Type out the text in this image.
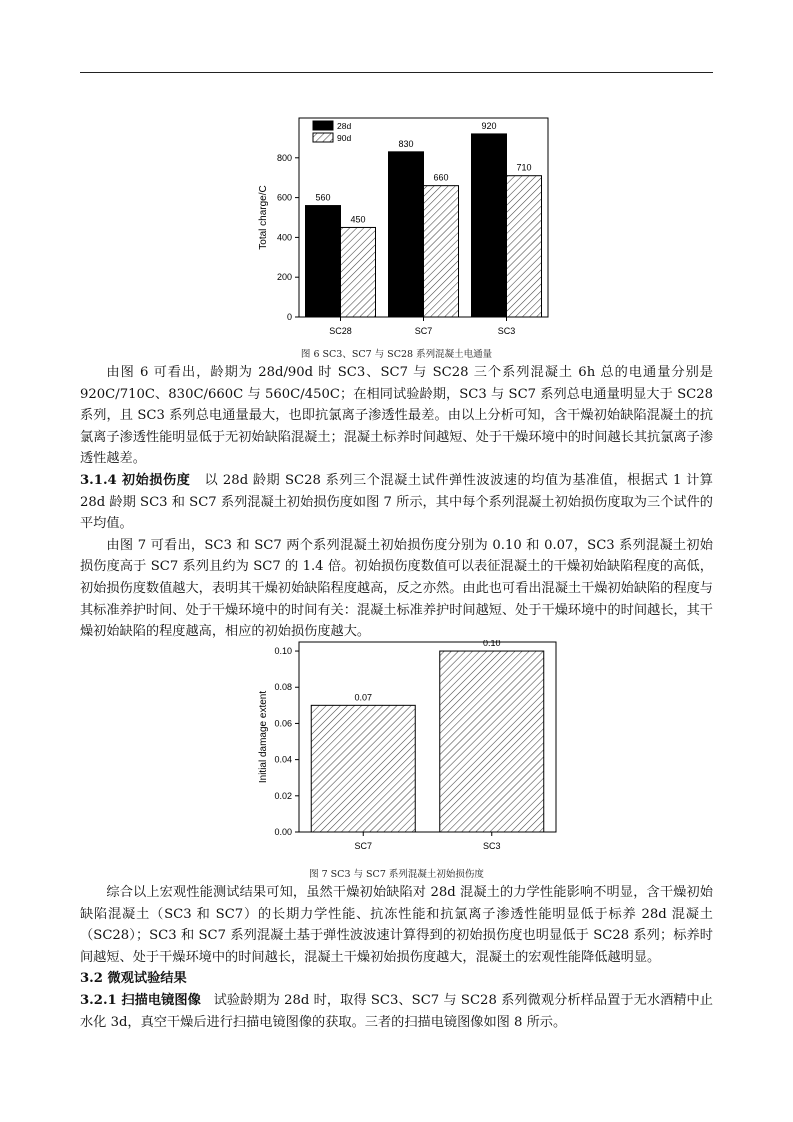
0
200
400
600
800
Total charge/C
SC28
560
450
SC7
830
660
SC3
920
710
28d
90d
图 6 SC3、SC7 与 SC28 系列混凝土电通量

由图 6 可看出，龄期为 28d/90d 时 SC3、SC7 与 SC28 三个系列混凝土 6h 总的电通量分别是 920C/710C、830C/660C 与 560C/450C；在相同试验龄期，SC3 与 SC7 系列总电通量明显大于 SC28 系列，且 SC3 系列总电通量最大，也即抗氯离子渗透性最差。由以上分析可知，含干燥初始缺陷混凝土的抗氯离子渗透性能明显低于无初始缺陷混凝土；混凝土标养时间越短、处于干燥环境中的时间越长其抗氯离子渗透性越差。

3.1.4 初始损伤度 以 28d 龄期 SC28 系列三个混凝土试件弹性波波速的均值为基准值，根据式 1 计算 28d 龄期 SC3 和 SC7 系列混凝土初始损伤度如图 7 所示，其中每个系列混凝土初始损伤度取为三个试件的平均值。

由图 7 可看出，SC3 和 SC7 两个系列混凝土初始损伤度分别为 0.10 和 0.07，SC3 系列混凝土初始损伤度高于 SC7 系列且约为 SC7 的 1.4 倍。初始损伤度数值可以表征混凝土的干燥初始缺陷程度的高低，初始损伤度数值越大，表明其干燥初始缺陷程度越高，反之亦然。由此也可看出混凝土干燥初始缺陷的程度与其标准养护时间、处于干燥环境中的时间有关：混凝土标准养护时间越短、处于干燥环境中的时间越长，其干燥初始缺陷的程度越高，相应的初始损伤度越大。

0.00
0.02
0.04
0.06
0.08
0.10
Initial damage extent
SC7
0.07
SC3
0.10
图 7 SC3 与 SC7 系列混凝土初始损伤度

综合以上宏观性能测试结果可知，虽然干燥初始缺陷对 28d 混凝土的力学性能影响不明显，含干燥初始缺陷混凝土（SC3 和 SC7）的长期力学性能、抗冻性能和抗氯离子渗透性能明显低于标养 28d 混凝土（SC28）；SC3 和 SC7 系列混凝土基于弹性波波速计算得到的初始损伤度也明显低于 SC28 系列；标养时间越短、处于干燥环境中的时间越长，混凝土干燥初始损伤度越大，混凝土的宏观性能降低越明显。

3.2 微观试验结果

3.2.1 扫描电镜图像 试验龄期为 28d 时，取得 SC3、SC7 与 SC28 系列微观分析样品置于无水酒精中止水化 3d，真空干燥后进行扫描电镜图像的获取。三者的扫描电镜图像如图 8 所示。
